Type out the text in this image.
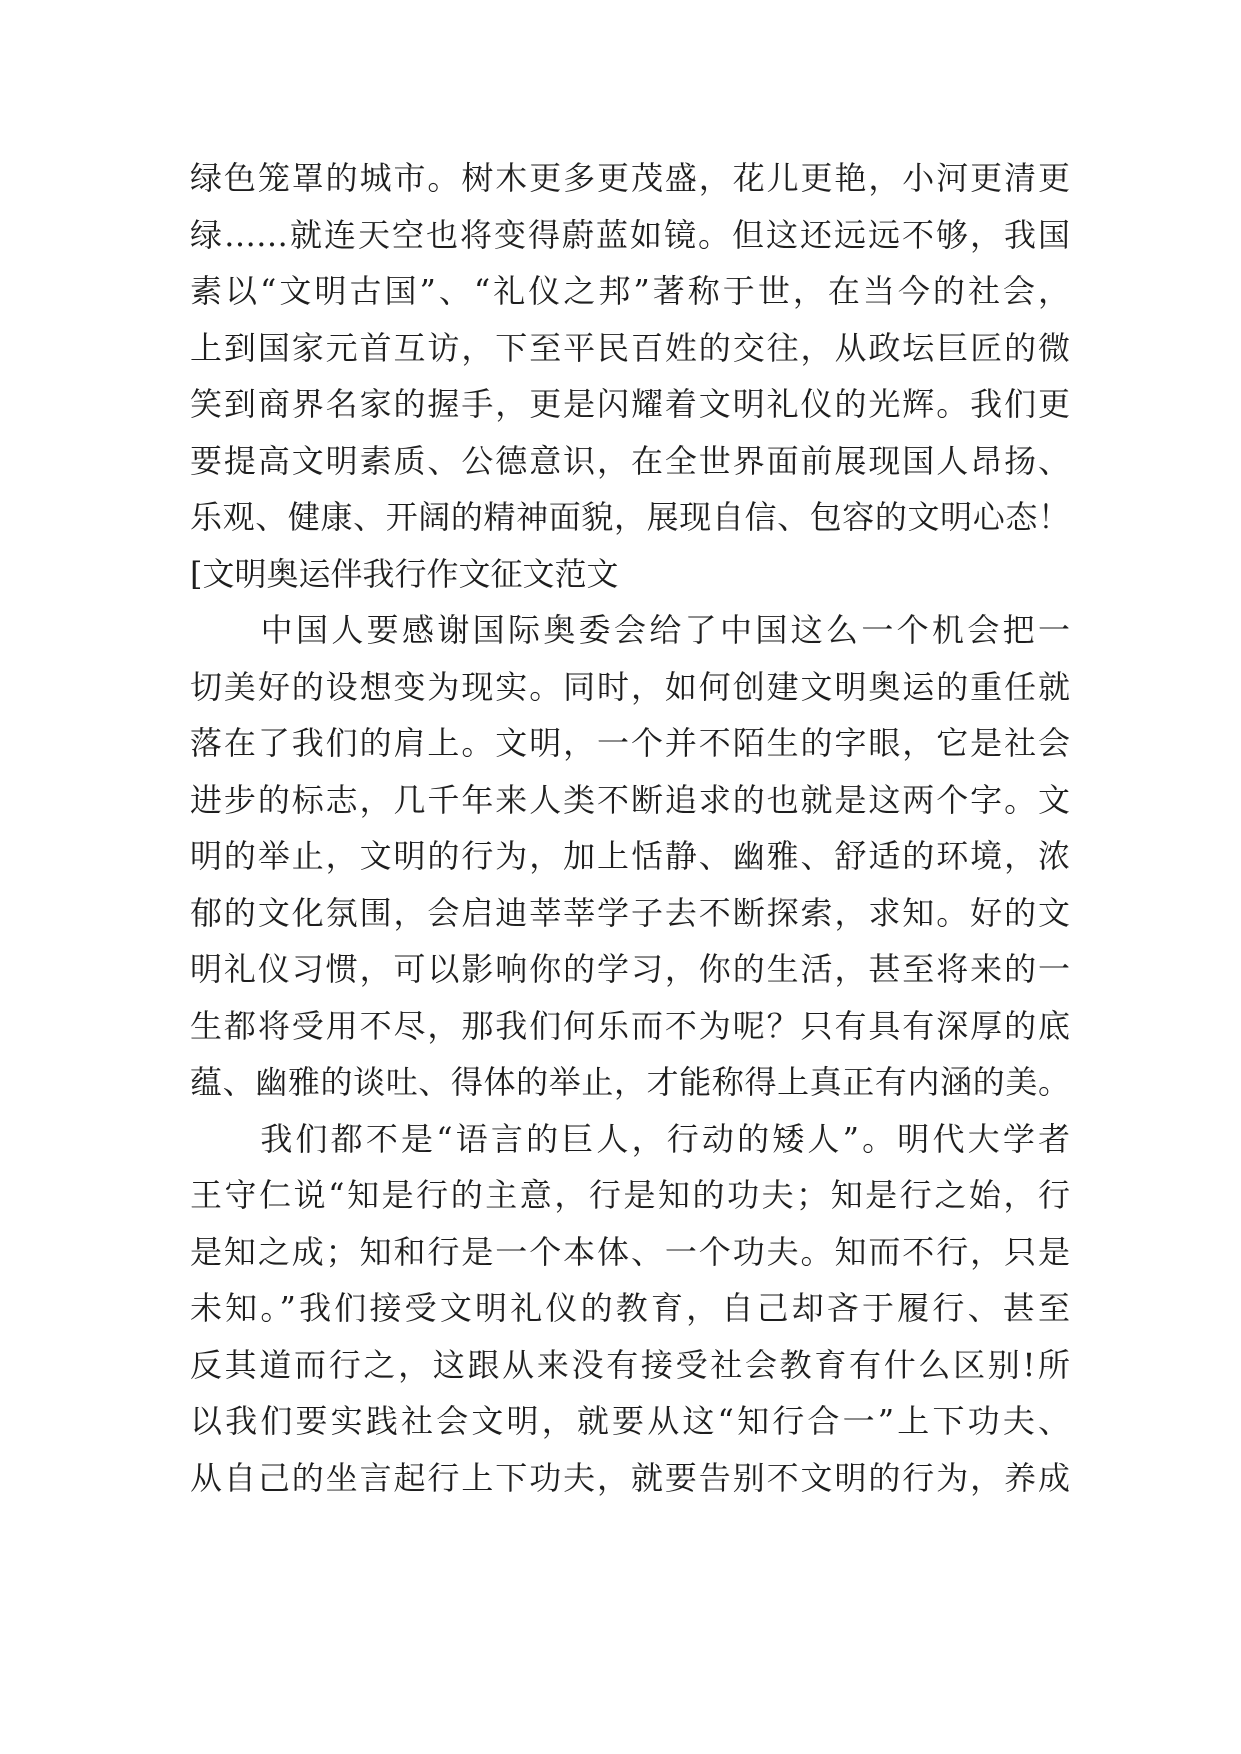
绿色笼罩的城市。树木更多更茂盛，花儿更艳，小河更清更
绿……就连天空也将变得蔚蓝如镜。但这还远远不够，我国
素以“文明古国”、“礼仪之邦”著称于世，在当今的社会，
上到国家元首互访，下至平民百姓的交往，从政坛巨匠的微
笑到商界名家的握手，更是闪耀着文明礼仪的光辉。我们更
要提高文明素质、公德意识，在全世界面前展现国人昂扬、
乐观、健康、开阔的精神面貌，展现自信、包容的文明心态！
[文明奥运伴我行作文征文范文
　　中国人要感谢国际奥委会给了中国这么一个机会把一
切美好的设想变为现实。同时，如何创建文明奥运的重任就
落在了我们的肩上。文明，一个并不陌生的字眼，它是社会
进步的标志，几千年来人类不断追求的也就是这两个字。文
明的举止，文明的行为，加上恬静、幽雅、舒适的环境，浓
郁的文化氛围，会启迪莘莘学子去不断探索，求知。好的文
明礼仪习惯，可以影响你的学习，你的生活，甚至将来的一
生都将受用不尽，那我们何乐而不为呢？只有具有深厚的底
蕴、幽雅的谈吐、得体的举止，才能称得上真正有内涵的美。
　　我们都不是“语言的巨人，行动的矮人”。明代大学者
王守仁说“知是行的主意，行是知的功夫；知是行之始，行
是知之成；知和行是一个本体、一个功夫。知而不行，只是
未知。”我们接受文明礼仪的教育，自己却吝于履行、甚至
反其道而行之，这跟从来没有接受社会教育有什么区别!所
以我们要实践社会文明，就要从这“知行合一”上下功夫、
从自己的坐言起行上下功夫，就要告别不文明的行为，养成
